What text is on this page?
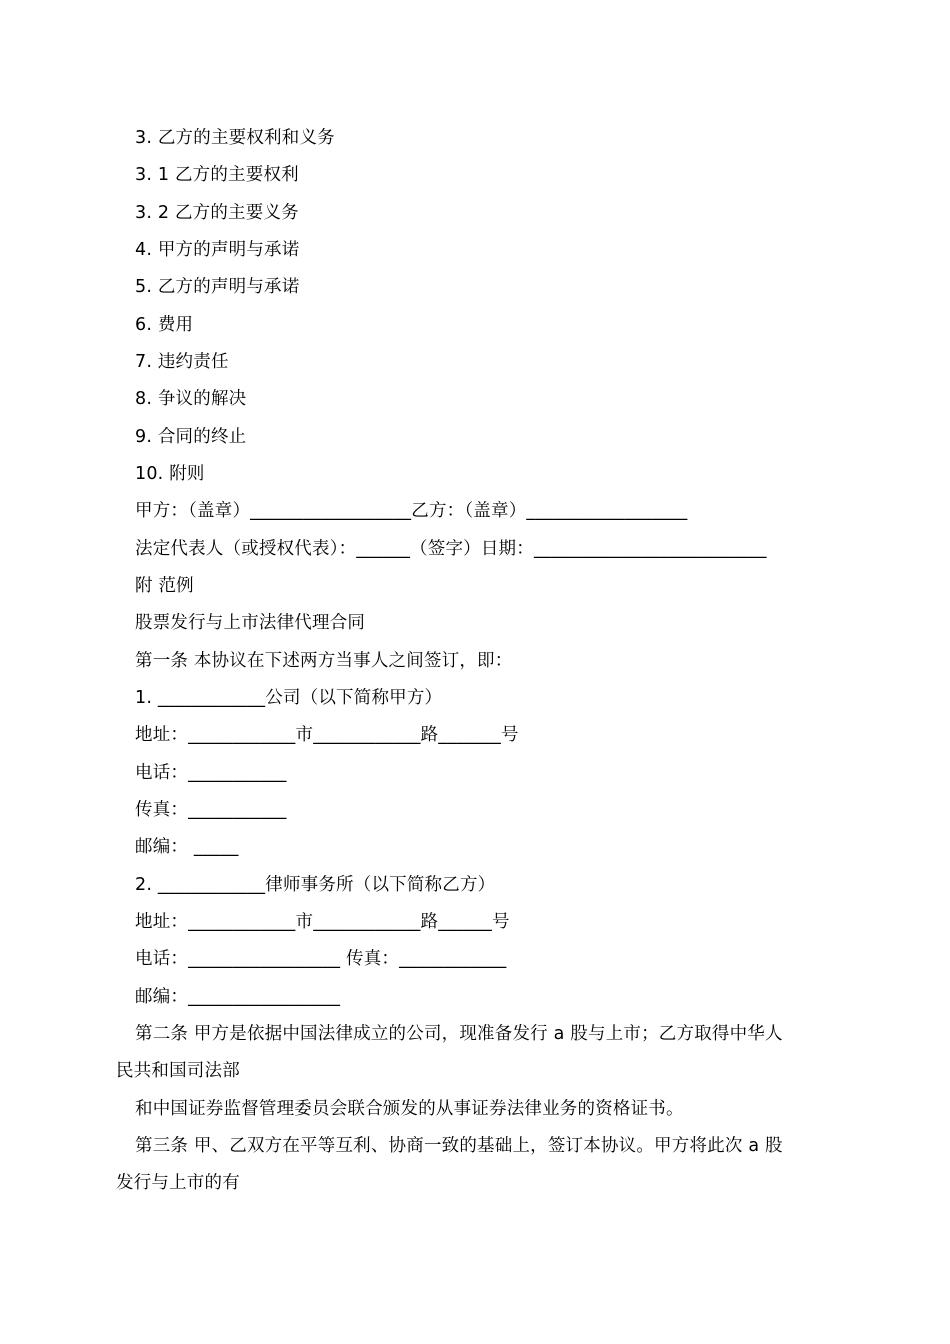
3. 乙方的主要权利和义务
3. 1 乙方的主要权利
3. 2 乙方的主要义务
4. 甲方的声明与承诺
5. 乙方的声明与承诺
6. 费用
7. 违约责任
8. 争议的解决
9. 合同的终止
10. 附则
甲方：（盖章）__________________乙方：（盖章）__________________
法定代表人（或授权代表）：______（签字）日期：__________________________
附 范例
股票发行与上市法律代理合同
第一条 本协议在下述两方当事人之间签订，即：
1. ____________公司（以下简称甲方）
地址：____________市____________路_______号
电话：___________
传真：___________
邮编： _____
2. ____________律师事务所（以下简称乙方）
地址：____________市____________路______号
电话：_________________ 传真：____________
邮编：_________________
第二条 甲方是依据中国法律成立的公司，现准备发行 a 股与上市；乙方取得中华人
民共和国司法部
和中国证券监督管理委员会联合颁发的从事证券法律业务的资格证书。
第三条 甲、乙双方在平等互利、协商一致的基础上，签订本协议。甲方将此次 a 股
发行与上市的有
